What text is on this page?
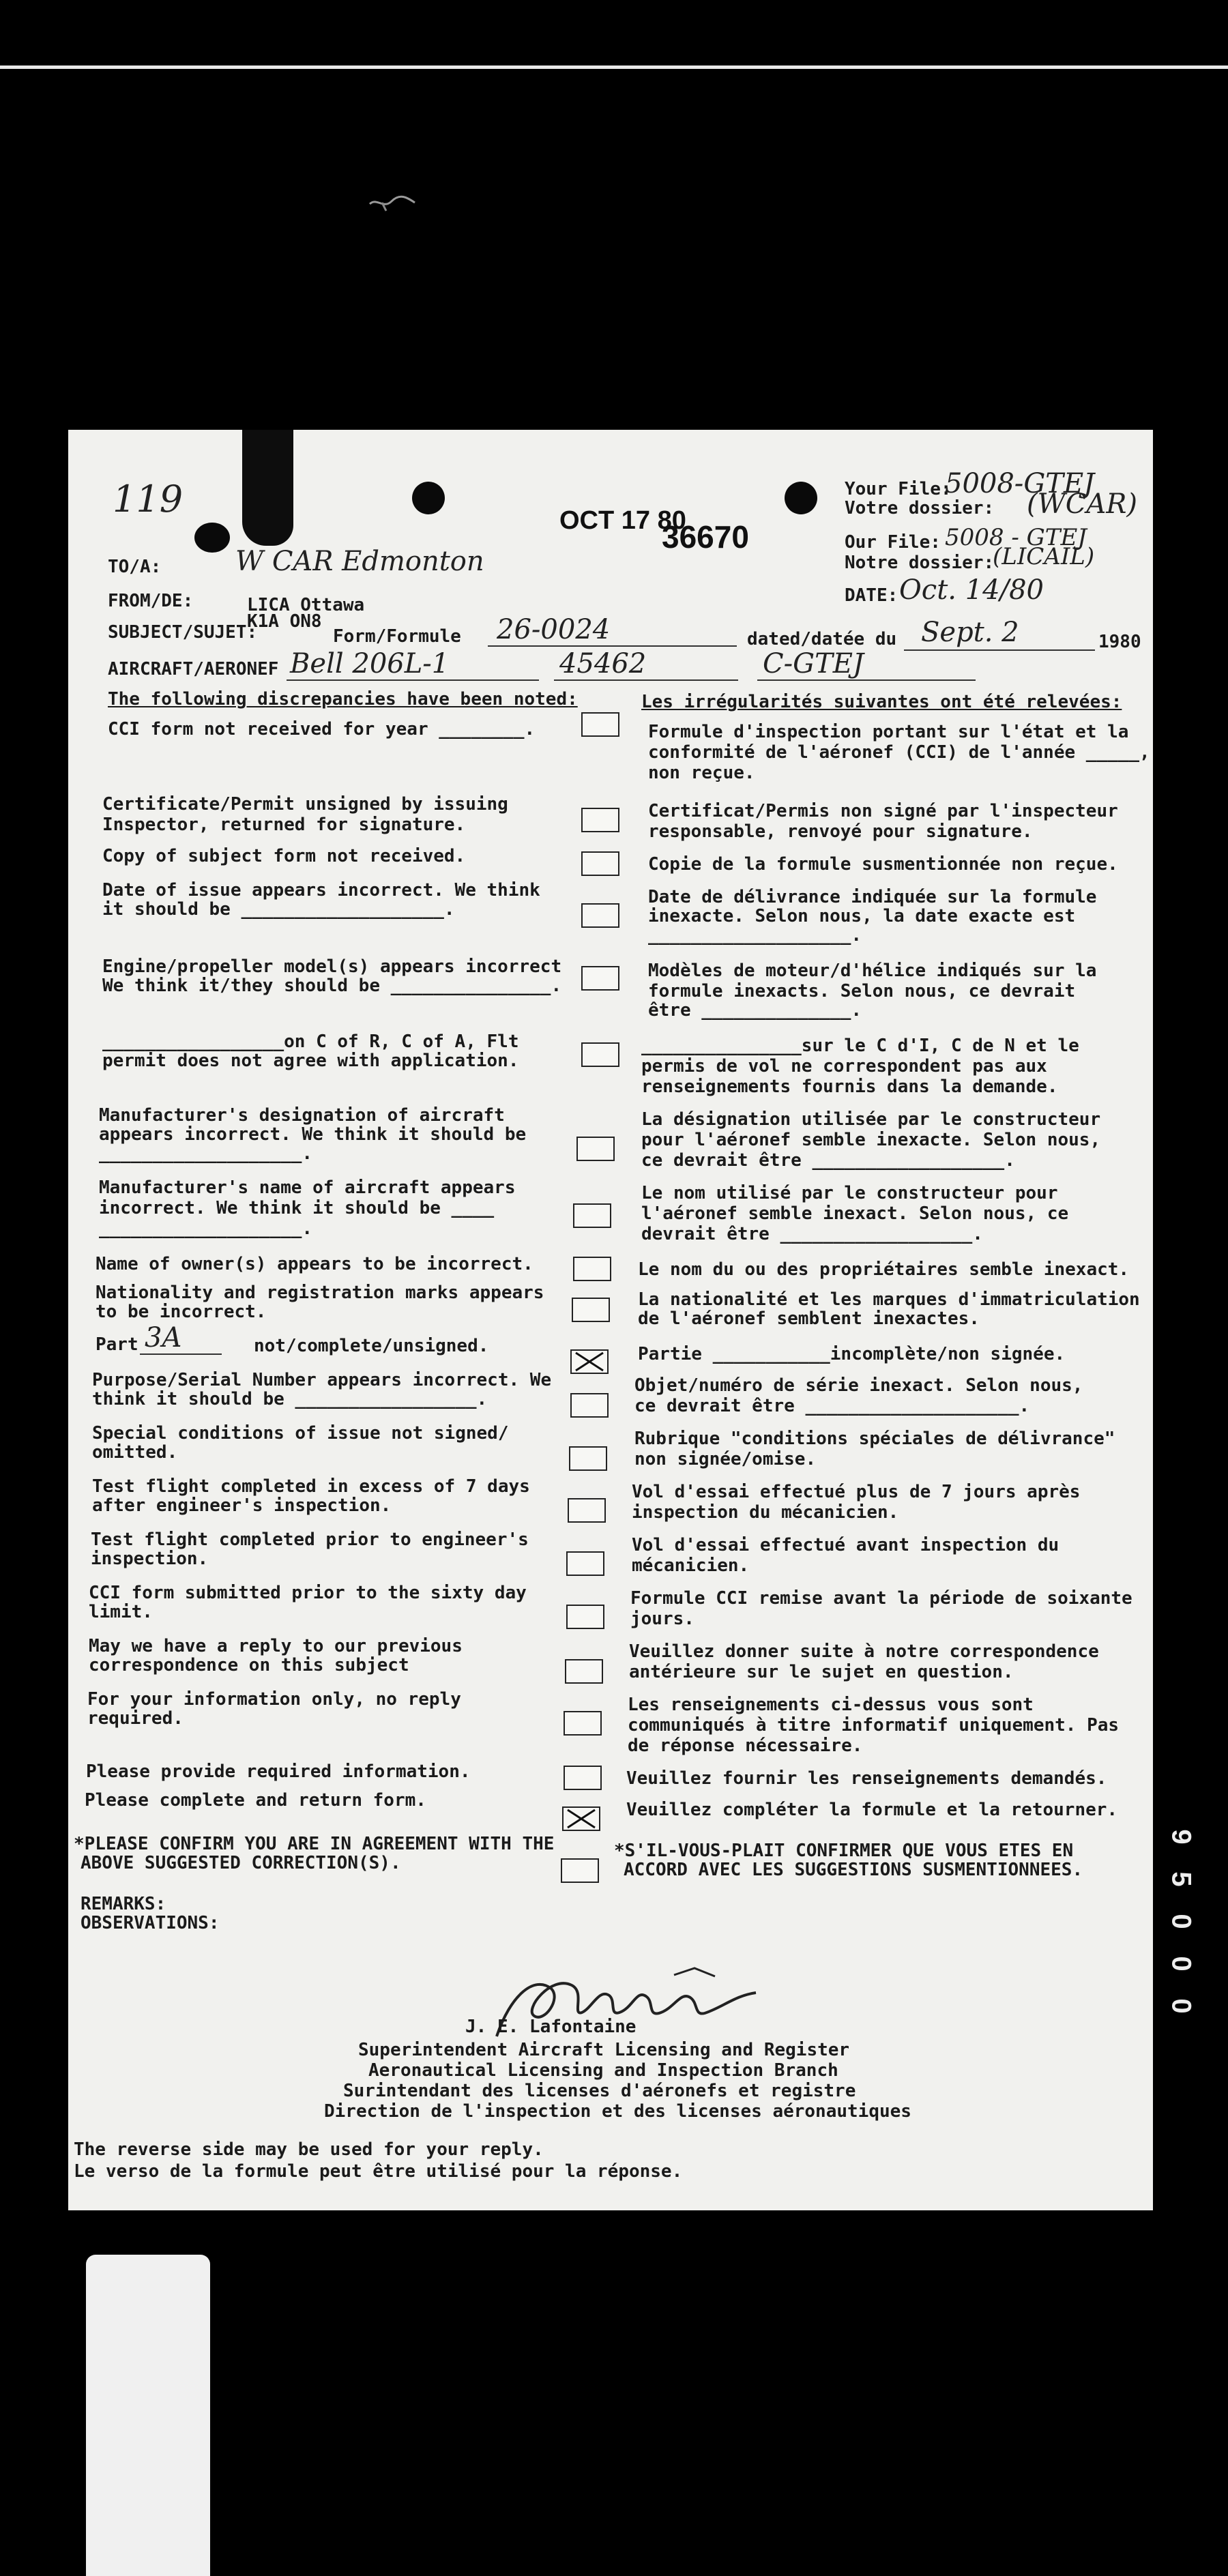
119	OCT 17 80
36670
Your File:
5008-GTEJ
Votre dossier: (WCAR)
Our File: 5008 - GTEJ
Notre dossier:
(LICAIL)
DATE: Oct. 14/80
TO/A:	W CAR Edmonton
FROM/DE:	LICA Ottawa
K1A ON8
SUBJECT/SUJET:	Form/Formule 26-0024	dated/datée du Sept. 2	1980
AIRCRAFT/AERONEF Bell 206L-1	45462	C-GTEJ
The following discrepancies have been noted:	Les irrégularités suivantes ont été relevées:
CCI form not received for year ________.	Formule d'inspection portant sur l'état et la
conformité de l'aéronef (CCI) de l'année _____,
non reçue.
Certificate/Permit unsigned by issuing
Inspector, returned for signature.
Certificat/Permis non signé par l'inspecteur
responsable, renvoyé pour signature.
Copy of subject form not received.	Copie de la formule susmentionnée non reçue.
Date of issue appears incorrect. We think
it should be ___________________.
Date de délivrance indiquée sur la formule
inexacte. Selon nous, la date exacte est
___________________.
Engine/propeller model(s) appears incorrect
We think it/they should be _______________.
Modèles de moteur/d'hélice indiqués sur la
formule inexacts. Selon nous, ce devrait
être ______________.
_________________on C of R, C of A, Flt
permit does not agree with application.
_______________sur le C d'I, C de N et le
permis de vol ne correspondent pas aux
renseignements fournis dans la demande.
Manufacturer's designation of aircraft
appears incorrect. We think it should be
___________________.
La désignation utilisée par le constructeur
pour l'aéronef semble inexacte. Selon nous,
ce devrait être __________________.
Manufacturer's name of aircraft appears
incorrect. We think it should be ____
___________________.
Le nom utilisé par le constructeur pour
l'aéronef semble inexact. Selon nous, ce
devrait être __________________.
Name of owner(s) appears to be incorrect.	Le nom du ou des propriétaires semble inexact.
Nationality and registration marks appears
to be incorrect.
La nationalité et les marques d'immatriculation
de l'aéronef semblent inexactes.
Part 3A	not/complete/unsigned.	Partie ___________incomplète/non signée.
Purpose/Serial Number appears incorrect. We
think it should be _________________.
Objet/numéro de série inexact. Selon nous,
ce devrait être ____________________.
Special conditions of issue not signed/
omitted.
Rubrique "conditions spéciales de délivrance"
non signée/omise.
Test flight completed in excess of 7 days
after engineer's inspection.
Vol d'essai effectué plus de 7 jours après
inspection du mécanicien.
Test flight completed prior to engineer's
inspection.
Vol d'essai effectué avant inspection du
mécanicien.
CCI form submitted prior to the sixty day
limit.
Formule CCI remise avant la période de soixante
jours.
May we have a reply to our previous
correspondence on this subject
Veuillez donner suite à notre correspondence
antérieure sur le sujet en question.
For your information only, no reply
required.
Les renseignements ci-dessus vous sont
communiqués à titre informatif uniquement. Pas
de réponse nécessaire.
Please provide required information.	Veuillez fournir les renseignements demandés.
Please complete and return form.	Veuillez compléter la formule et la retourner.
*PLEASE CONFIRM YOU ARE IN AGREEMENT WITH THE
ABOVE SUGGESTED CORRECTION(S).
*S'IL-VOUS-PLAIT CONFIRMER QUE VOUS ETES EN
ACCORD AVEC LES SUGGESTIONS SUSMENTIONNEES.
REMARKS:
OBSERVATIONS:
J. E. Lafontaine
Superintendent Aircraft Licensing and Register
Aeronautical Licensing and Inspection Branch
Surintendant des licenses d'aéronefs et registre
Direction de l'inspection et des licenses aéronautiques
The reverse side may be used for your reply.
Le verso de la formule peut être utilisé pour la réponse.
9
5
0
0
0
